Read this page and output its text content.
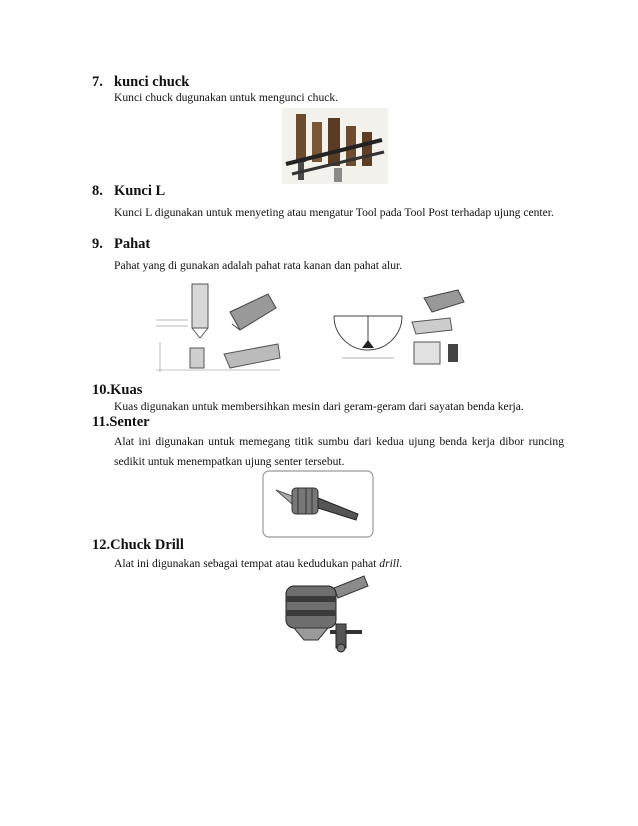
7. kunci chuck
Kunci chuck dugunakan untuk mengunci chuck.
8. Kunci L
Kunci L digunakan untuk menyeting atau mengatur Tool pada Tool Post terhadap ujung center.
9. Pahat
Pahat yang di gunakan adalah pahat rata kanan dan pahat alur.
10.Kuas
Kuas digunakan untuk membersihkan mesin dari geram-geram dari sayatan benda kerja.
11.Senter
Alat ini digunakan untuk memegang titik sumbu dari kedua ujung benda kerja dibor runcing sedikit untuk menempatkan ujung senter tersebut.
12.Chuck Drill
Alat ini digunakan sebagai tempat atau kedudukan pahat drill.
